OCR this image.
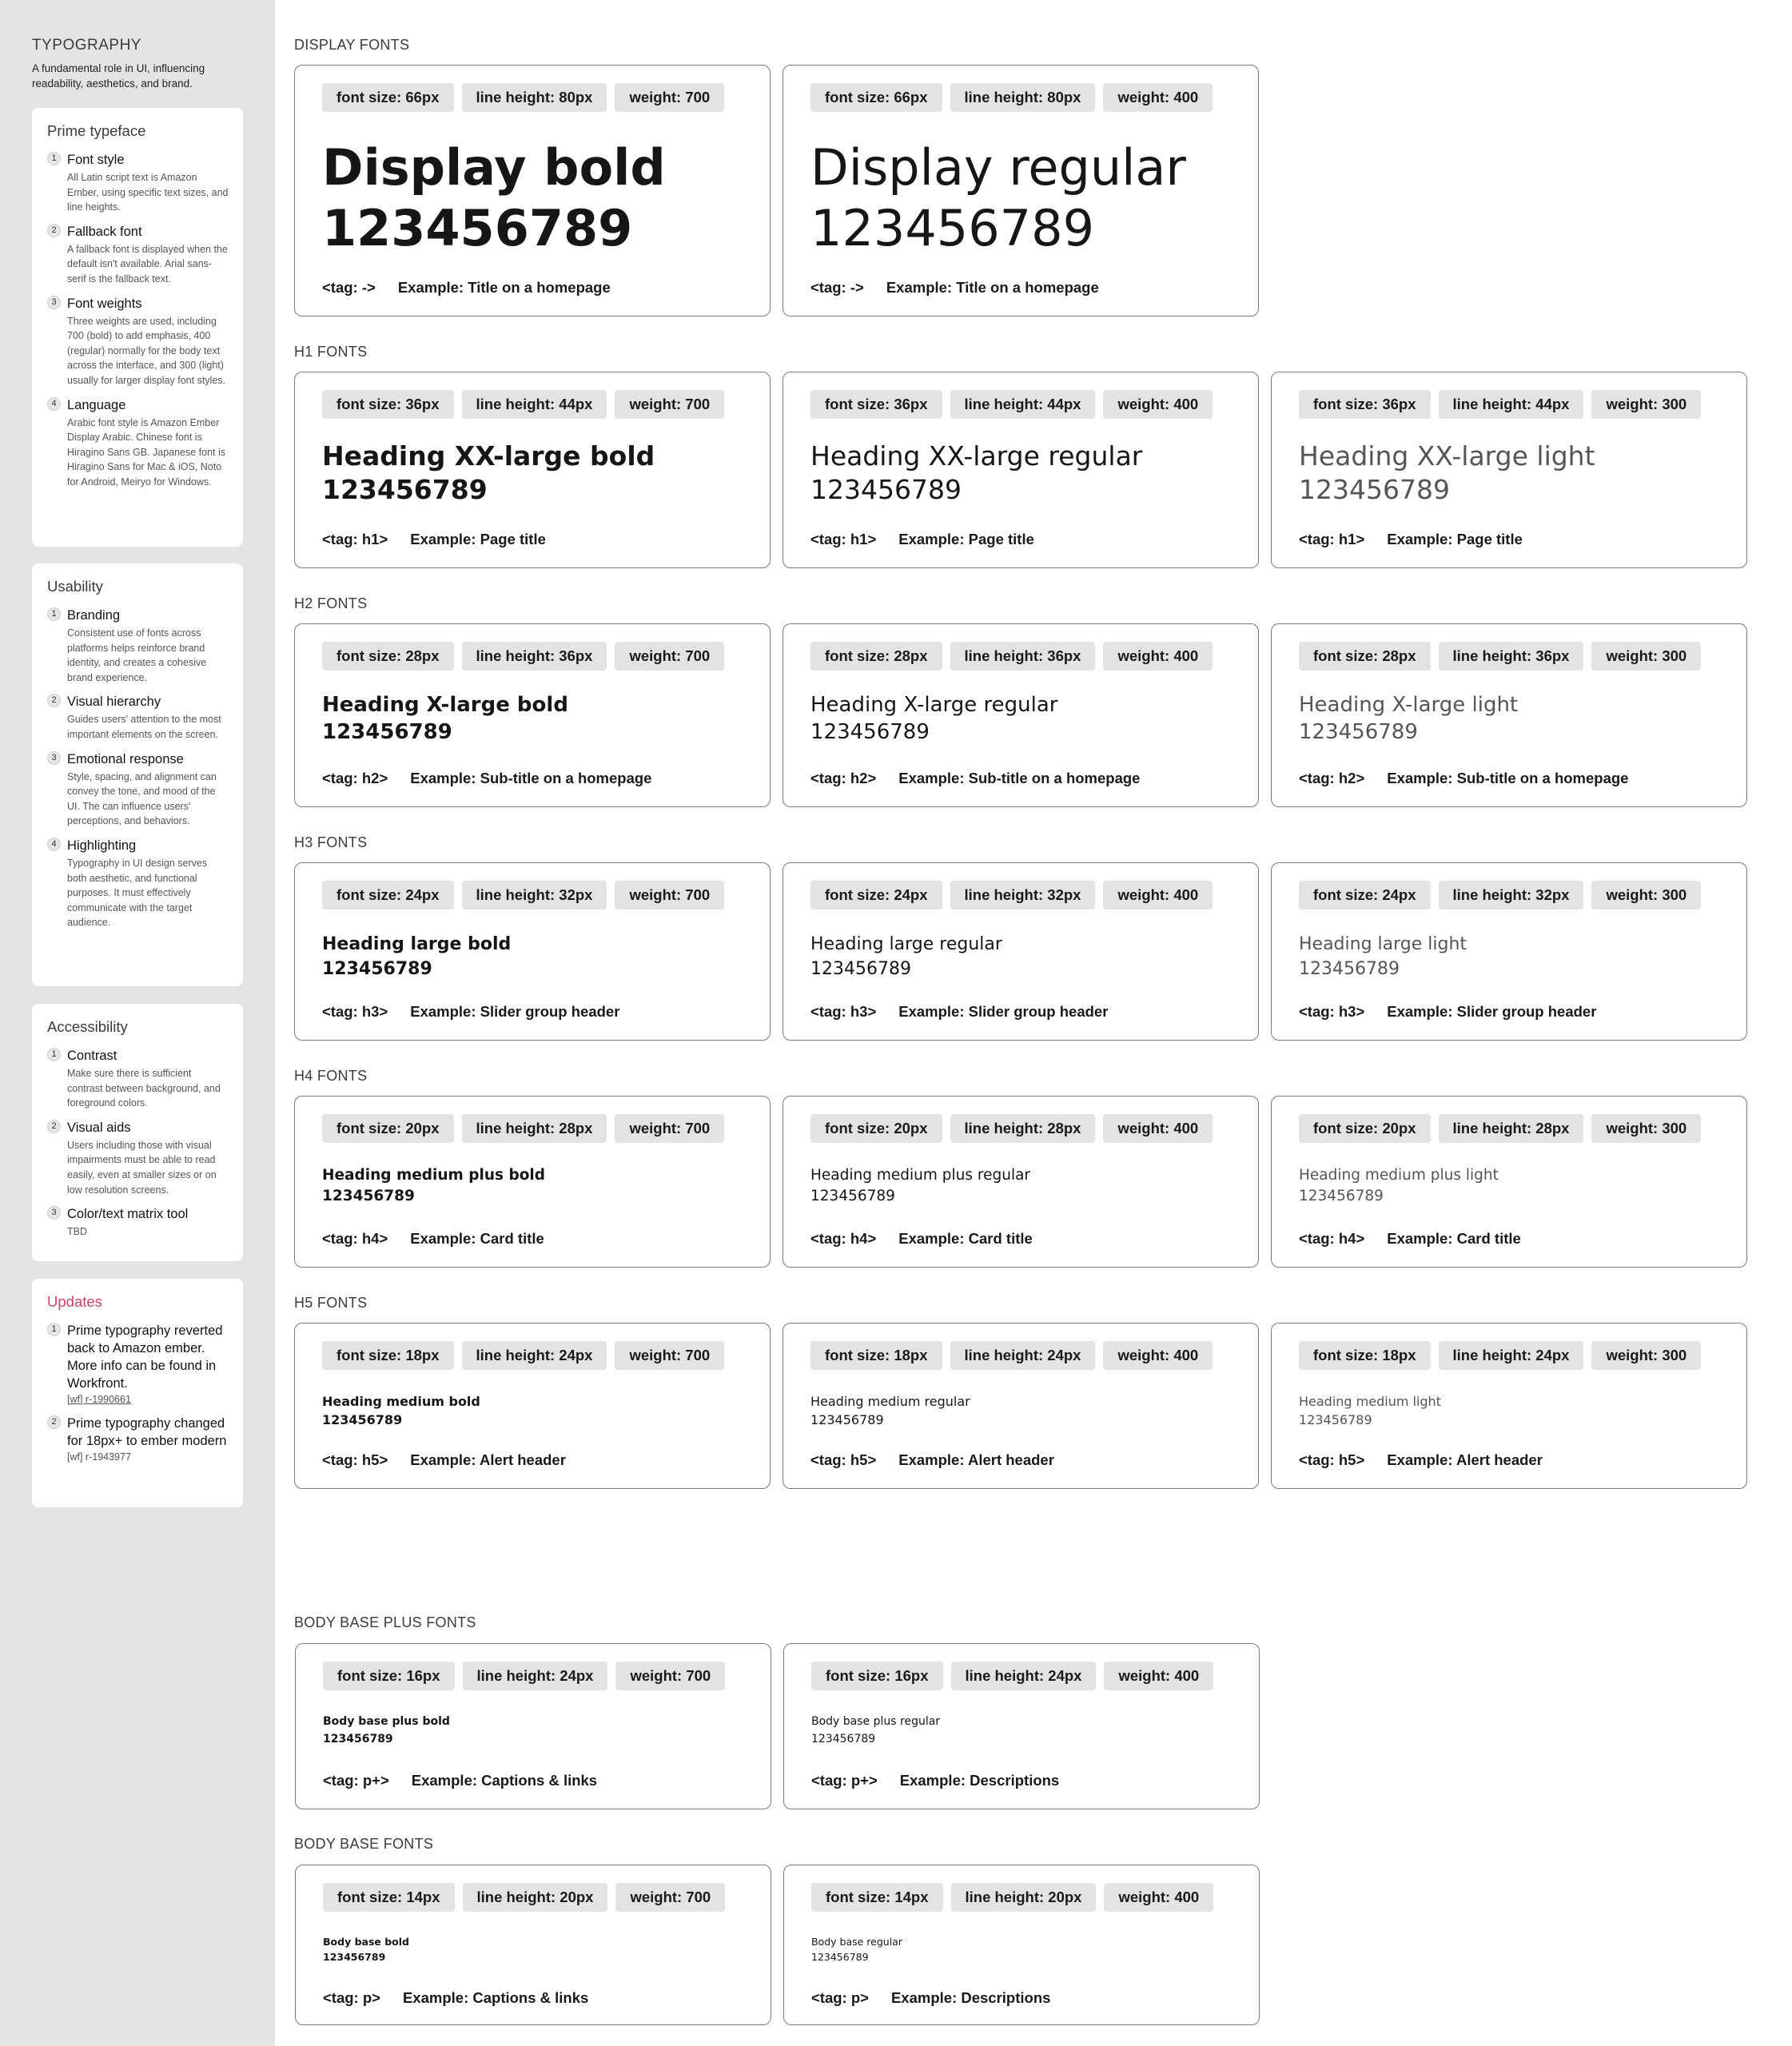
TYPOGRAPHY
A fundamental role in UI, influencing readability, aesthetics, and brand.
Prime typeface
1 Font style
All Latin script text is Amazon Ember, using specific text sizes, and line heights.
2 Fallback font
A fallback font is displayed when the default isn't available. Arial sans-serif is the fallback text.
3 Font weights
Three weights are used, including 700 (bold) to add emphasis, 400 (regular) normally for the body text across the interface, and 300 (light) usually for larger display font styles.
4 Language
Arabic font style is Amazon Ember Display Arabic. Chinese font is Hiragino Sans GB. Japanese font is Hiragino Sans for Mac & iOS, Noto for Android, Meiryo for Windows.
Usability
1 Branding
Consistent use of fonts across platforms helps reinforce brand identity, and creates a cohesive brand experience.
2 Visual hierarchy
Guides users' attention to the most important elements on the screen.
3 Emotional response
Style, spacing, and alignment can convey the tone, and mood of the UI. The can influence users' perceptions, and behaviors.
4 Highlighting
Typography in UI design serves both aesthetic, and functional purposes. It must effectively communicate with the target audience.
Accessibility
1 Contrast
Make sure there is sufficient contrast between background, and foreground colors.
2 Visual aids
Users including those with visual impairments must be able to read easily, even at smaller sizes or on low resolution screens.
3 Color/text matrix tool
TBD
Updates
1 Prime typography reverted back to Amazon ember. More info can be found in Workfront.
[wf] r-1990661
2 Prime typography changed for 18px+ to ember modern
[wf] r-1943977
DISPLAY FONTS
font size: 66px	line height: 80px	weight: 700
Display bold
123456789
<tag: -> Example: Title on a homepage
font size: 66px	line height: 80px	weight: 400
Display regular
123456789
<tag: -> Example: Title on a homepage
H1 FONTS
font size: 36px	line height: 44px	weight: 700
Heading XX-large bold
123456789
<tag: h1> Example: Page title
font size: 36px	line height: 44px	weight: 400
Heading XX-large regular
123456789
<tag: h1> Example: Page title
font size: 36px	line height: 44px	weight: 300
Heading XX-large light
123456789
<tag: h1> Example: Page title
H2 FONTS
font size: 28px	line height: 36px	weight: 700
Heading X-large bold
123456789
<tag: h2> Example: Sub-title on a homepage
font size: 28px	line height: 36px	weight: 400
Heading X-large regular
123456789
<tag: h2> Example: Sub-title on a homepage
font size: 28px	line height: 36px	weight: 300
Heading X-large light
123456789
<tag: h2> Example: Sub-title on a homepage
H3 FONTS
font size: 24px	line height: 32px	weight: 700
Heading large bold
123456789
<tag: h3> Example: Slider group header
font size: 24px	line height: 32px	weight: 400
Heading large regular
123456789
<tag: h3> Example: Slider group header
font size: 24px	line height: 32px	weight: 300
Heading large light
123456789
<tag: h3> Example: Slider group header
H4 FONTS
font size: 20px	line height: 28px	weight: 700
Heading medium plus bold
123456789
<tag: h4> Example: Card title
font size: 20px	line height: 28px	weight: 400
Heading medium plus regular
123456789
<tag: h4> Example: Card title
font size: 20px	line height: 28px	weight: 300
Heading medium plus light
123456789
<tag: h4> Example: Card title
H5 FONTS
font size: 18px	line height: 24px	weight: 700
Heading medium bold
123456789
<tag: h5> Example: Alert header
font size: 18px	line height: 24px	weight: 400
Heading medium regular
123456789
<tag: h5> Example: Alert header
font size: 18px	line height: 24px	weight: 300
Heading medium light
123456789
<tag: h5> Example: Alert header
BODY BASE PLUS FONTS
font size: 16px	line height: 24px	weight: 700
Body base plus bold
123456789
<tag: p+> Example: Captions & links
font size: 16px	line height: 24px	weight: 400
Body base plus regular
123456789
<tag: p+> Example: Descriptions
BODY BASE FONTS
font size: 14px	line height: 20px	weight: 700
Body base bold
123456789
<tag: p> Example: Captions & links
font size: 14px	line height: 20px	weight: 400
Body base regular
123456789
<tag: p> Example: Descriptions
